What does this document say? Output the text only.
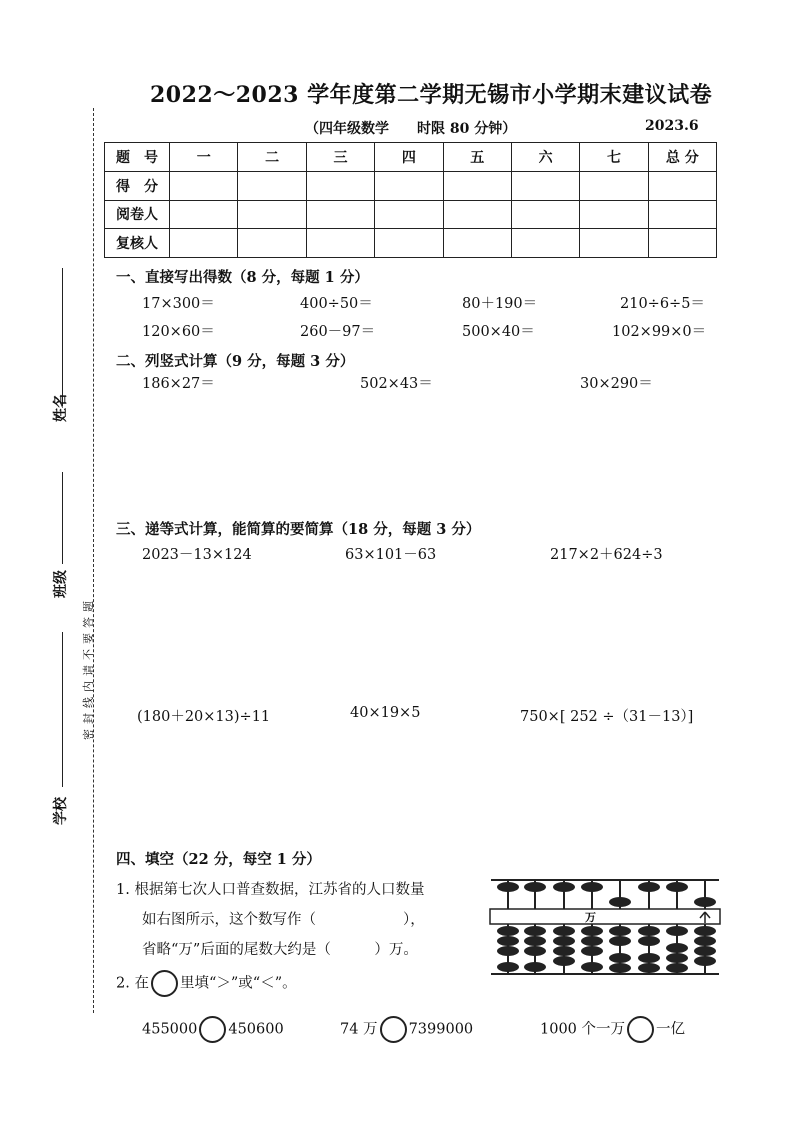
2022～2023 学年度第二学期无锡市小学期末建议试卷
（四年级数学　　时限 80 分钟）	2023.6
姓名
班级
学校
密封线内请不要答题
题　号	一	二	三	四	五	六	七	总 分
得　分								
阅卷人								
复核人								
一、直接写出得数（8 分，每题 1 分）
17×300＝	400÷50＝	80＋190＝	210÷6÷5＝
120×60＝	260－97＝	500×40＝	102×99×0＝
二、列竖式计算（9 分，每题 3 分）
186×27＝	502×43＝	30×290＝
三、递等式计算，能简算的要简算（18 分，每题 3 分）
2023－13×124	63×101－63	217×2＋624÷3
(180＋20×13)÷11	40×19×5	750×[ 252 ÷（31－13）]
四、填空（22 分，每空 1 分）
1. 根据第七次人口普查数据，江苏省的人口数量
如右图所示，这个数写作（　　　　　　），
省略“万”后面的尾数大约是（　　　）万。
2. 在 里填“＞”或“＜”。
455000 450600	74 万 7399000	1000 个一万 一亿
万
